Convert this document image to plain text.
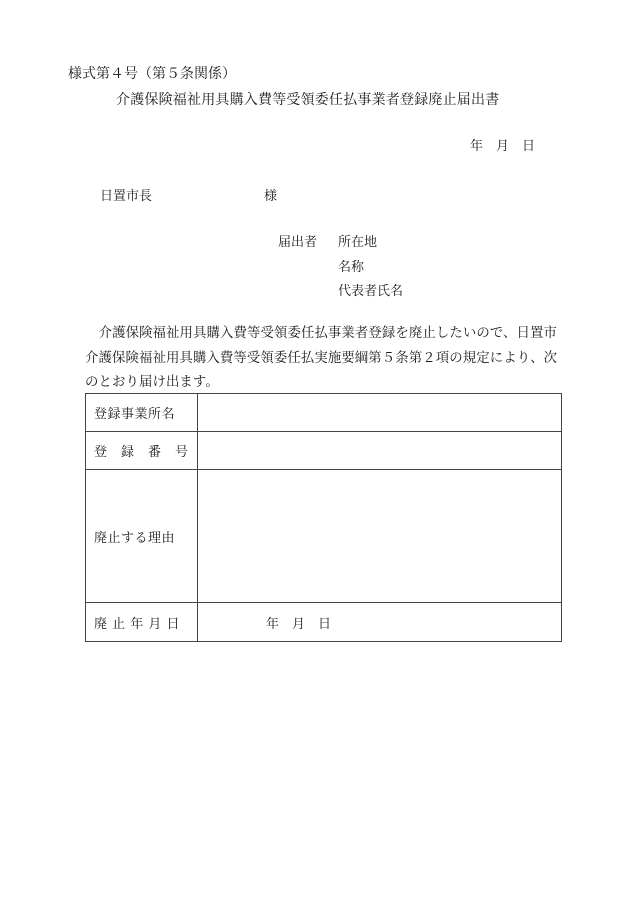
様式第４号（第５条関係）
介護保険福祉用具購入費等受領委任払事業者登録廃止届出書
年　月　日
日置市長	様
届出者 所在地
名称
代表者氏名
介護保険福祉用具購入費等受領委任払事業者登録を廃止したいので、日置市介護保険福祉用具購入費等受領委任払実施要綱第５条第２項の規定により、次のとおり届け出ます。
登録事業所名	
登　録　番　号	
廃止する理由	
廃 止 年 月 日	年　月　日
